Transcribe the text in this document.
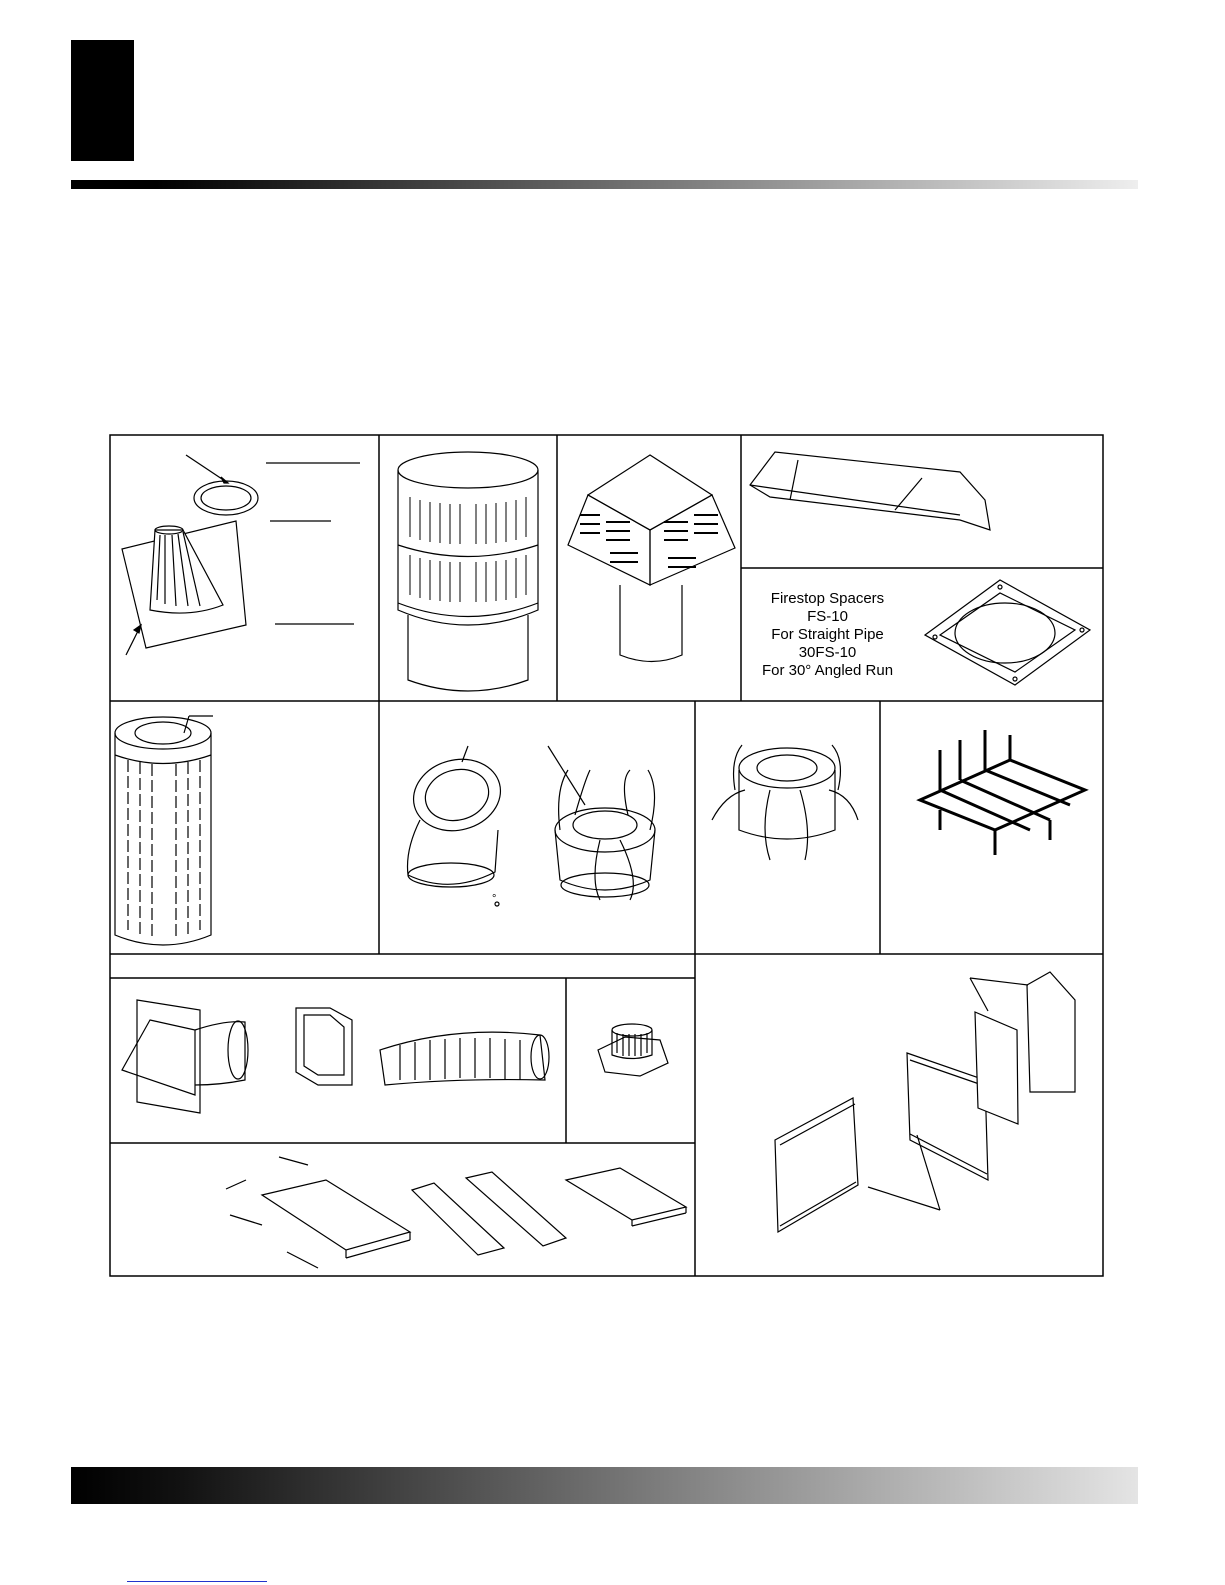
Firestop Spacers
FS-10
For Straight Pipe
30FS-10
For 30° Angled Run
°
